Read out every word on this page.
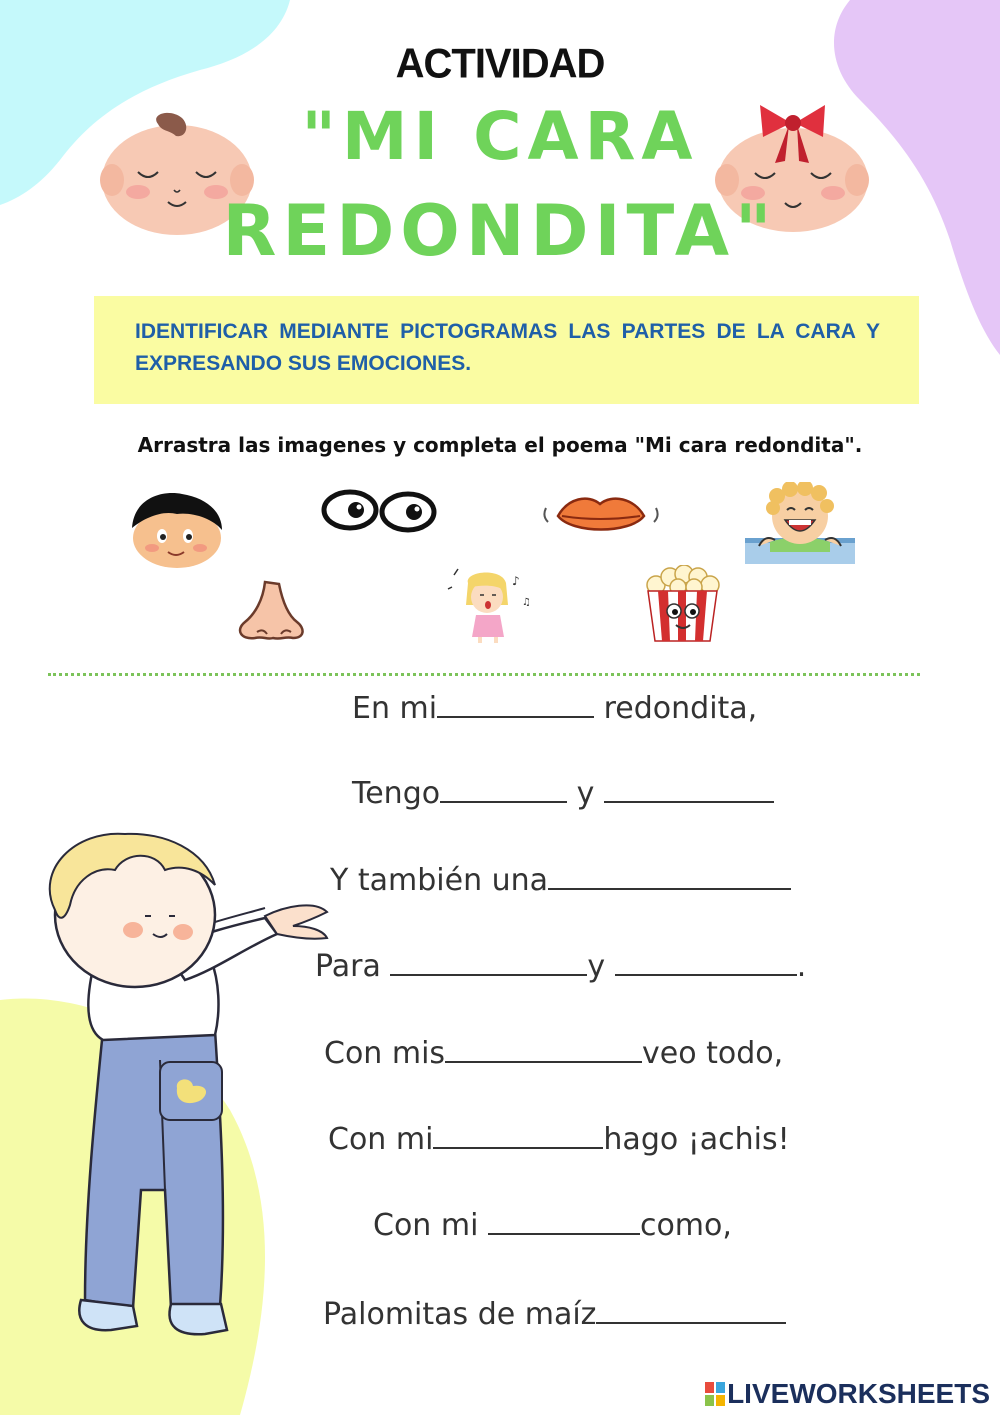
ACTIVIDAD
"MI CARA
REDONDITA"

IDENTIFICAR MEDIANTE PICTOGRAMAS LAS PARTES DE LA CARA Y EXPRESANDO SUS EMOCIONES.

Arrastra las imagenes y completa el poema "Mi cara redondita".
♪
♫
En mi	redondita,
Tengo	y
Y también una
Para	y	.
Con mis	veo todo,
Con mi	hago ¡achis!
Con mi	como,
Palomitas de maíz
LIVEWORKSHEETS
